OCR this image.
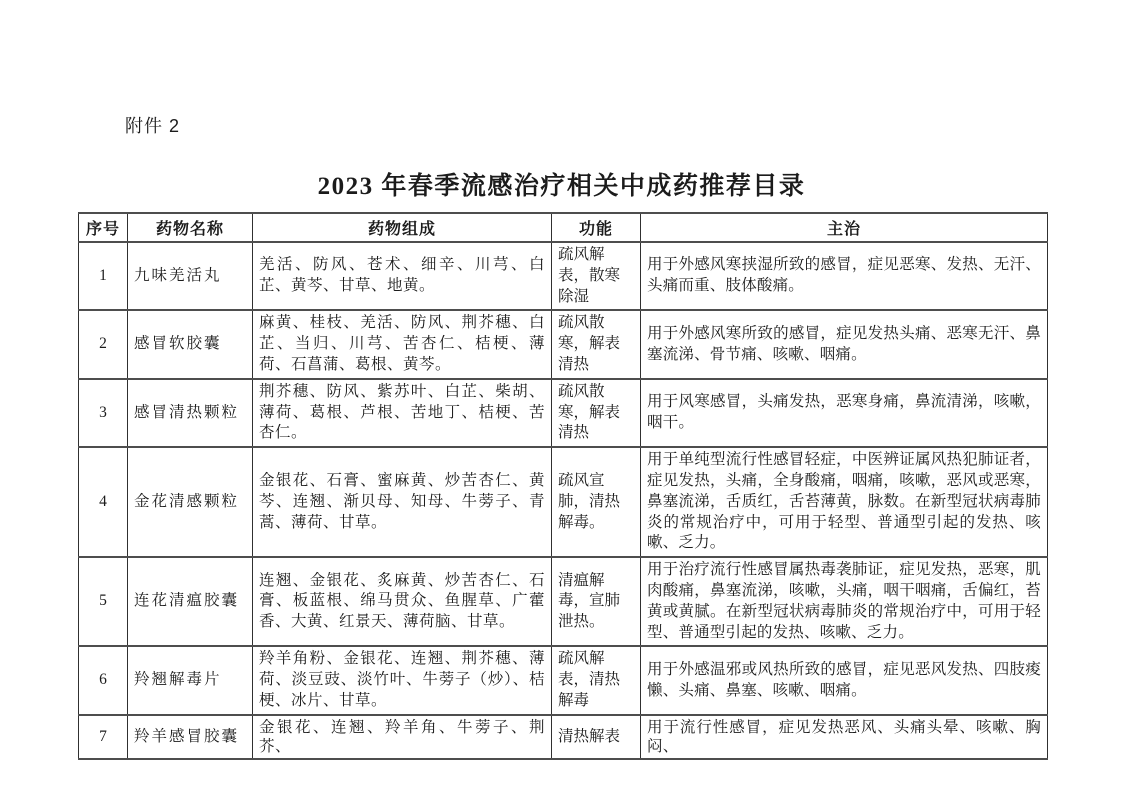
附件 2
2023 年春季流感治疗相关中成药推荐目录
序号	药物名称	药物组成	功能	主治
1	九味羌活丸	羌活、防风、苍术、细辛、川芎、白芷、黄芩、甘草、地黄。	疏风解表，散寒除湿	用于外感风寒挟湿所致的感冒，症见恶寒、发热、无汗、头痛而重、肢体酸痛。
2	感冒软胶囊	麻黄、桂枝、羌活、防风、荆芥穗、白芷、当归、川芎、苦杏仁、桔梗、薄荷、石菖蒲、葛根、黄芩。	疏风散寒，解表清热	用于外感风寒所致的感冒，症见发热头痛、恶寒无汗、鼻塞流涕、骨节痛、咳嗽、咽痛。
3	感冒清热颗粒	荆芥穗、防风、紫苏叶、白芷、柴胡、薄荷、葛根、芦根、苦地丁、桔梗、苦杏仁。	疏风散寒，解表清热	用于风寒感冒，头痛发热，恶寒身痛，鼻流清涕，咳嗽，咽干。
4	金花清感颗粒	金银花、石膏、蜜麻黄、炒苦杏仁、黄芩、连翘、渐贝母、知母、牛蒡子、青蒿、薄荷、甘草。	疏风宣肺，清热解毒。	用于单纯型流行性感冒轻症，中医辨证属风热犯肺证者，症见发热，头痛，全身酸痛，咽痛，咳嗽，恶风或恶寒，鼻塞流涕，舌质红，舌苔薄黄，脉数。在新型冠状病毒肺炎的常规治疗中，可用于轻型、普通型引起的发热、咳嗽、乏力。
5	连花清瘟胶囊	连翘、金银花、炙麻黄、炒苦杏仁、石膏、板蓝根、绵马贯众、鱼腥草、广藿香、大黄、红景天、薄荷脑、甘草。	清瘟解毒，宣肺泄热。	用于治疗流行性感冒属热毒袭肺证，症见发热，恶寒，肌肉酸痛，鼻塞流涕，咳嗽，头痛，咽干咽痛，舌偏红，苔黄或黄腻。在新型冠状病毒肺炎的常规治疗中，可用于轻型、普通型引起的发热、咳嗽、乏力。
6	羚翘解毒片	羚羊角粉、金银花、连翘、荆芥穗、薄荷、淡豆豉、淡竹叶、牛蒡子（炒）、桔梗、冰片、甘草。	疏风解表，清热解毒	用于外感温邪或风热所致的感冒，症见恶风发热、四肢痠懒、头痛、鼻塞、咳嗽、咽痛。
7	羚羊感冒胶囊	金银花、连翘、羚羊角、牛蒡子、荆芥、	清热解表	用于流行性感冒，症见发热恶风、头痛头晕、咳嗽、胸闷、
